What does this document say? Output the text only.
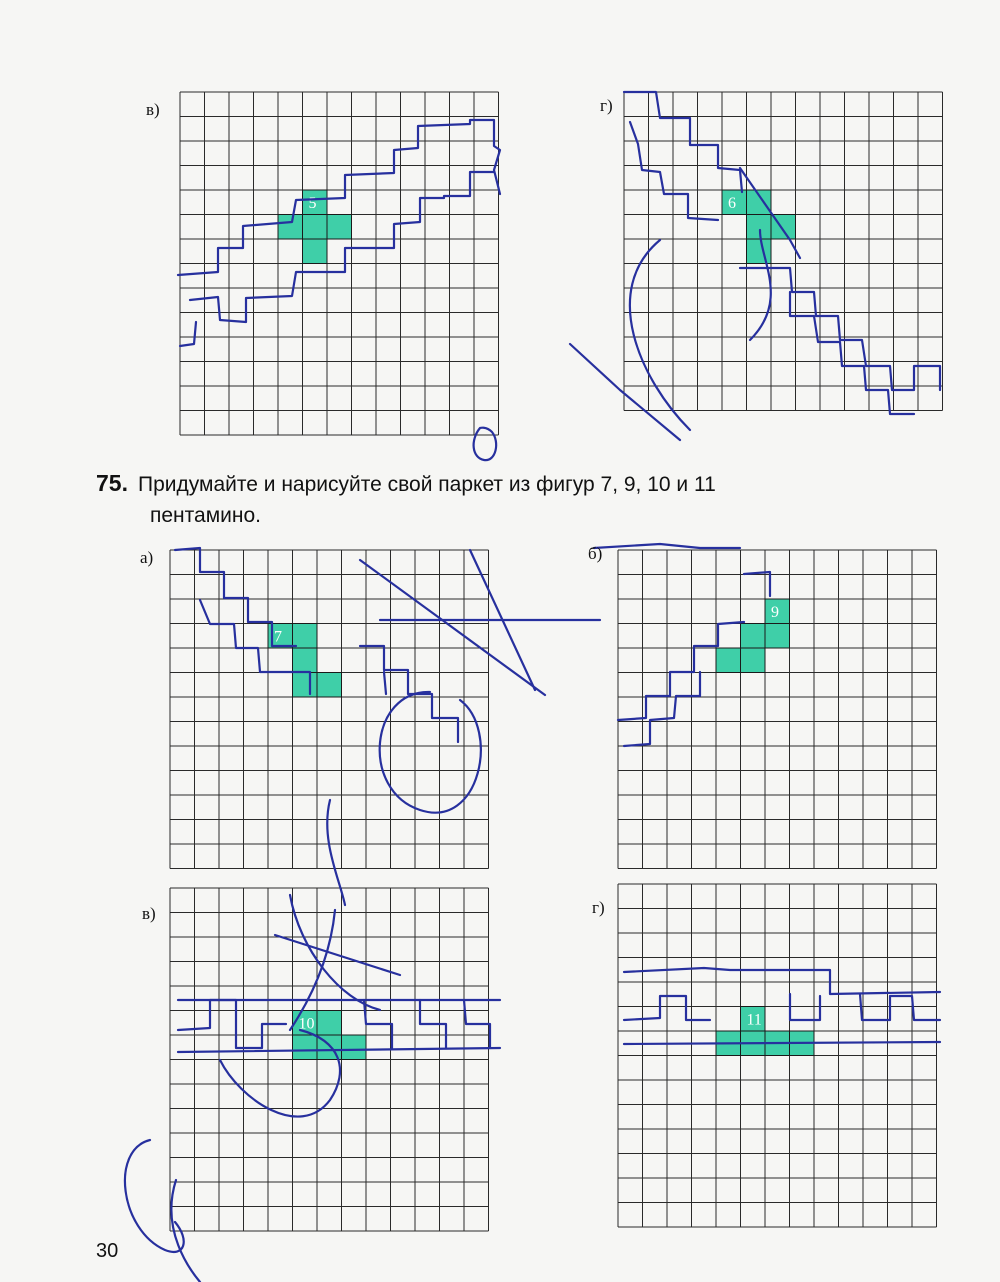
5	6
7
9
10	11
в)	г)
а)	б)
в)	г)
75. Придумайте и нарисуйте свой паркет из фигур 7, 9, 10 и 11
пентамино.
30
